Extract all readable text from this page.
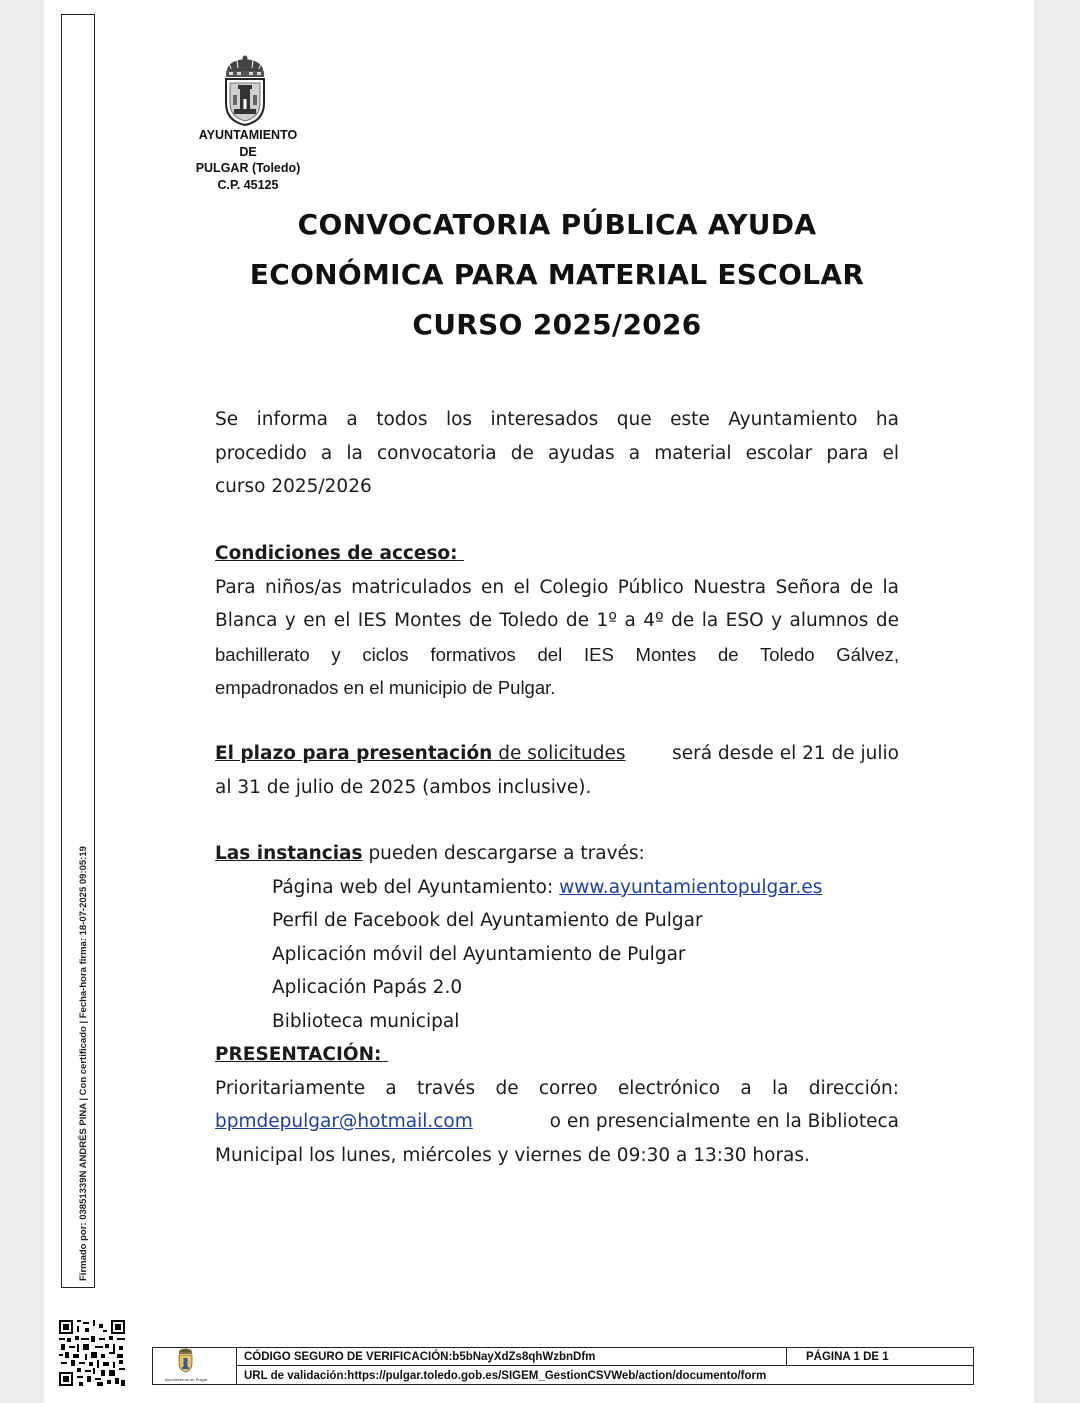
Firmado por: 03851339N ANDRÉS PINA | Con certificado | Fecha-hora firma: 18-07-2025 09:05:19
AYUNTAMIENTO
DE
PULGAR (Toledo)
C.P. 45125
CONVOCATORIA PÚBLICA AYUDA
ECONÓMICA PARA MATERIAL ESCOLAR
CURSO 2025/2026
Se informa a todos los interesados que este Ayuntamiento ha
procedido a la convocatoria de ayudas a material escolar para el
curso 2025/2026
Condiciones de acceso:
Para niños/as matriculados en el Colegio Público Nuestra Señora de la
Blanca y en el IES Montes de Toledo de 1º a 4º de la ESO y alumnos de
bachillerato y ciclos formativos del IES Montes de Toledo Gálvez,
empadronados en el municipio de Pulgar.
El plazo para presentación de solicitudes será desde el 21 de julio
al 31 de julio de 2025 (ambos inclusive).
Las instancias pueden descargarse a través:
Página web del Ayuntamiento: www.ayuntamientopulgar.es
Perfil de Facebook del Ayuntamiento de Pulgar
Aplicación móvil del Ayuntamiento de Pulgar
Aplicación Papás 2.0
Biblioteca municipal
PRESENTACIÓN:
Prioritariamente a través de correo electrónico a la dirección:
bpmdepulgar@hotmail.com	o en presencialmente en la Biblioteca
Municipal los lunes, miércoles y viernes de 09:30 a 13:30 horas.
Ayuntamiento de Pulgar
CÓDIGO SEGURO DE VERIFICACIÓN:b5bNayXdZs8qhWzbnDfm	PÁGINA 1 DE 1
URL de validación:https://pulgar.toledo.gob.es/SIGEM_GestionCSVWeb/action/documento/form
